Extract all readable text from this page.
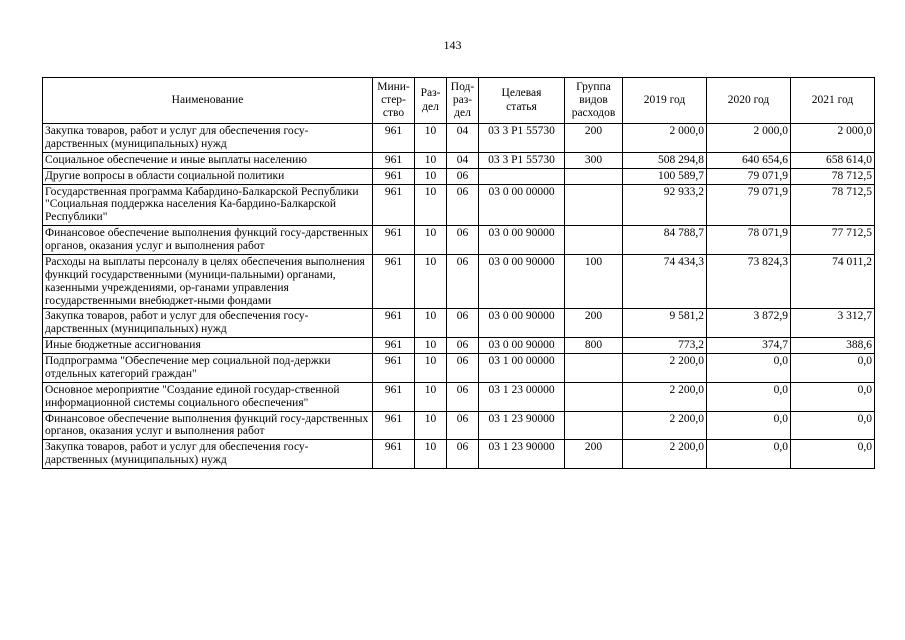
143
Наименование	Мини-
стер-
ство	Раз-
дел	Под-
раз-
дел	Целевая
статья	Группа
видов
расходов	2019 год	2020 год	2021 год
Закупка товаров, работ и услуг для обеспечения госу-дарственных (муниципальных) нужд	961	10	04	03 3 P1 55730	200	2 000,0	2 000,0	2 000,0
Социальное обеспечение и иные выплаты населению	961	10	04	03 3 P1 55730	300	508 294,8	640 654,6	658 614,0
Другие вопросы в области социальной политики	961	10	06			100 589,7	79 071,9	78 712,5
Государственная программа Кабардино-Балкарской Республики "Социальная поддержка населения Ка-бардино-Балкарской Республики"	961	10	06	03 0 00 00000		92 933,2	79 071,9	78 712,5
Финансовое обеспечение выполнения функций госу-дарственных органов, оказания услуг и выполнения работ	961	10	06	03 0 00 90000		84 788,7	78 071,9	77 712,5
Расходы на выплаты персоналу в целях обеспечения выполнения функций государственными (муници-пальными) органами, казенными учреждениями, ор-ганами управления государственными внебюджет-ными фондами	961	10	06	03 0 00 90000	100	74 434,3	73 824,3	74 011,2
Закупка товаров, работ и услуг для обеспечения госу-дарственных (муниципальных) нужд	961	10	06	03 0 00 90000	200	9 581,2	3 872,9	3 312,7
Иные бюджетные ассигнования	961	10	06	03 0 00 90000	800	773,2	374,7	388,6
Подпрограмма "Обеспечение мер социальной под-держки отдельных категорий граждан"	961	10	06	03 1 00 00000		2 200,0	0,0	0,0
Основное мероприятие "Создание единой государ-ственной информационной системы социального обеспечения"	961	10	06	03 1 23 00000		2 200,0	0,0	0,0
Финансовое обеспечение выполнения функций госу-дарственных органов, оказания услуг и выполнения работ	961	10	06	03 1 23 90000		2 200,0	0,0	0,0
Закупка товаров, работ и услуг для обеспечения госу-дарственных (муниципальных) нужд	961	10	06	03 1 23 90000	200	2 200,0	0,0	0,0
